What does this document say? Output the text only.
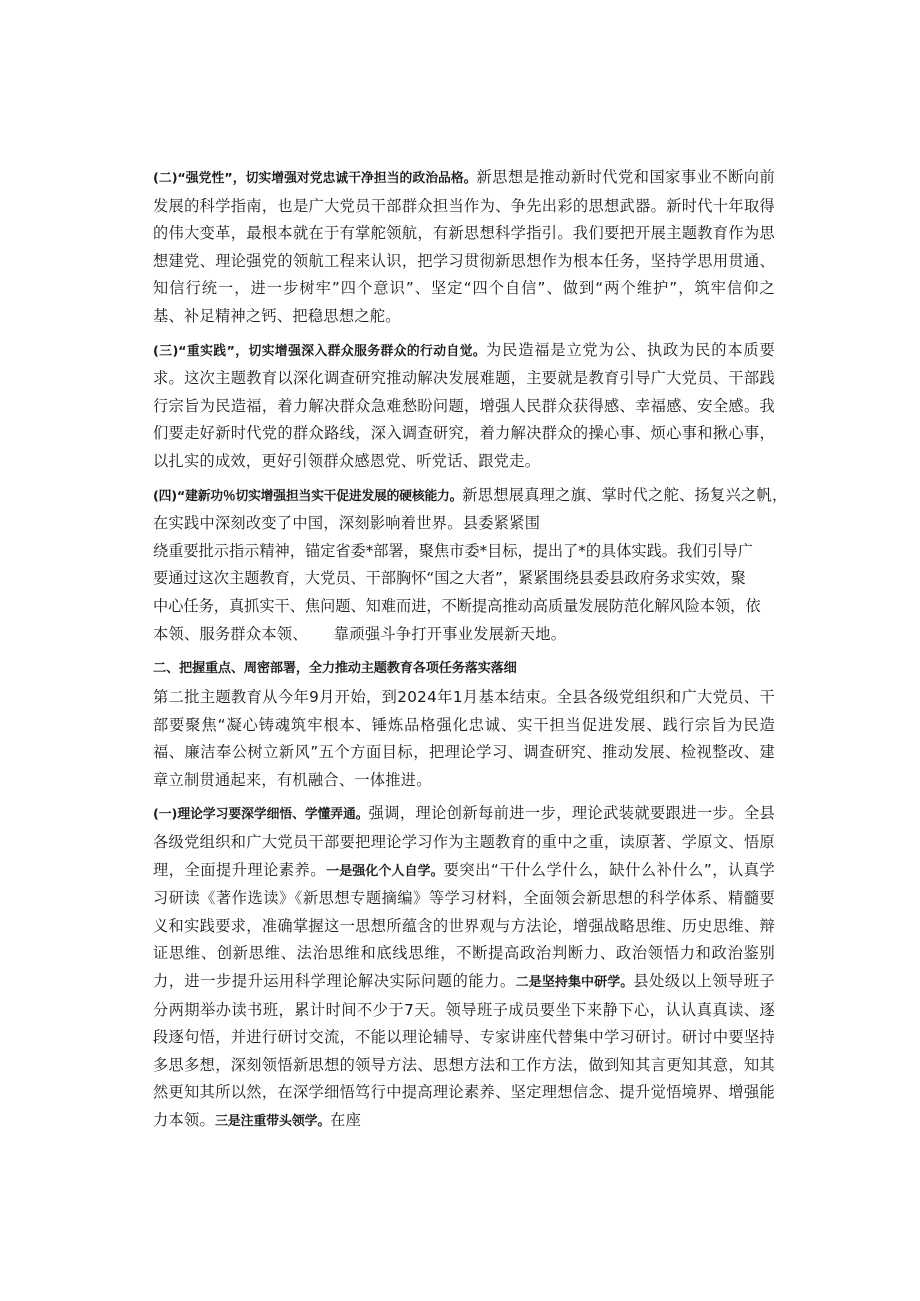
(二)“强党性”，切实增强对党忠诚干净担当的政治品格。新思想是推动新时代党和国家事业不断向前发展的科学指南，也是广大党员干部群众担当作为、争先出彩的思想武器。新时代十年取得的伟大变革，最根本就在于有掌舵领航，有新思想科学指引。我们要把开展主题教育作为思想建党、理论强党的领航工程来认识，把学习贯彻新思想作为根本任务，坚持学思用贯通、知信行统一，进一步树牢”四个意识”、坚定“四个自信”、做到“两个维护”，筑牢信仰之基、补足精神之钙、把稳思想之舵。

(三)“重实践”，切实增强深入群众服务群众的行动自觉。为民造福是立党为公、执政为民的本质要求。这次主题教育以深化调查研究推动解决发展难题，主要就是教育引导广大党员、干部践行宗旨为民造福，着力解决群众急难愁盼问题，增强人民群众获得感、幸福感、安全感。我们要走好新时代党的群众路线，深入调查研究，着力解决群众的操心事、烦心事和揪心事，以扎实的成效，更好引领群众感恩党、听党话、跟党走。

(四)“建新功％切实增强担当实干促进发展的硬核能力。新思想展真理之旗、掌时代之舵、扬复兴之帆，
在实践中深刻改变了中国，深刻影响着世界。县委紧紧围
绕重要批示指示精神，锚定省委*部署，聚焦市委*目标，提出了*的具体实践。我们引导广
要通过这次主题教育，大党员、干部胸怀“国之大者”，紧紧围绕县委县政府务求实效，聚
中心任务，真抓实干、焦问题、知难而进，不断提高推动高质量发展防范化解风险本领，依
本领、服务群众本领、 靠顽强斗争打开事业发展新天地。
二、把握重点、周密部署，全力推动主题教育各项任务落实落细

第二批主题教育从今年9月开始，到2024年1月基本结束。全县各级党组织和广大党员、干部要聚焦“凝心铸魂筑牢根本、锤炼品格强化忠诚、实干担当促进发展、践行宗旨为民造福、廉洁奉公树立新风”五个方面目标，把理论学习、调查研究、推动发展、检视整改、建章立制贯通起来，有机融合、一体推进。

(一)理论学习要深学细悟、学懂弄通。强调，理论创新每前进一步，理论武装就要跟进一步。全县各级党组织和广大党员干部要把理论学习作为主题教育的重中之重，读原著、学原文、悟原理，全面提升理论素养。一是强化个人自学。要突出“干什么学什么，缺什么补什么”，认真学习研读《著作选读》《新思想专题摘编》等学习材料，全面领会新思想的科学体系、精髓要义和实践要求，准确掌握这一思想所蕴含的世界观与方法论，增强战略思维、历史思维、辩证思维、创新思维、法治思维和底线思维，不断提高政治判断力、政治领悟力和政治鉴别力，进一步提升运用科学理论解决实际问题的能力。二是坚持集中研学。县处级以上领导班子分两期举办读书班，累计时间不少于7天。领导班子成员要坐下来静下心，认认真真读、逐段逐句悟，并进行研讨交流，不能以理论辅导、专家讲座代替集中学习研讨。研讨中要坚持多思多想，深刻领悟新思想的领导方法、思想方法和工作方法，做到知其言更知其意，知其然更知其所以然，在深学细悟笃行中提高理论素养、坚定理想信念、提升觉悟境界、增强能力本领。三是注重带头领学。在座
